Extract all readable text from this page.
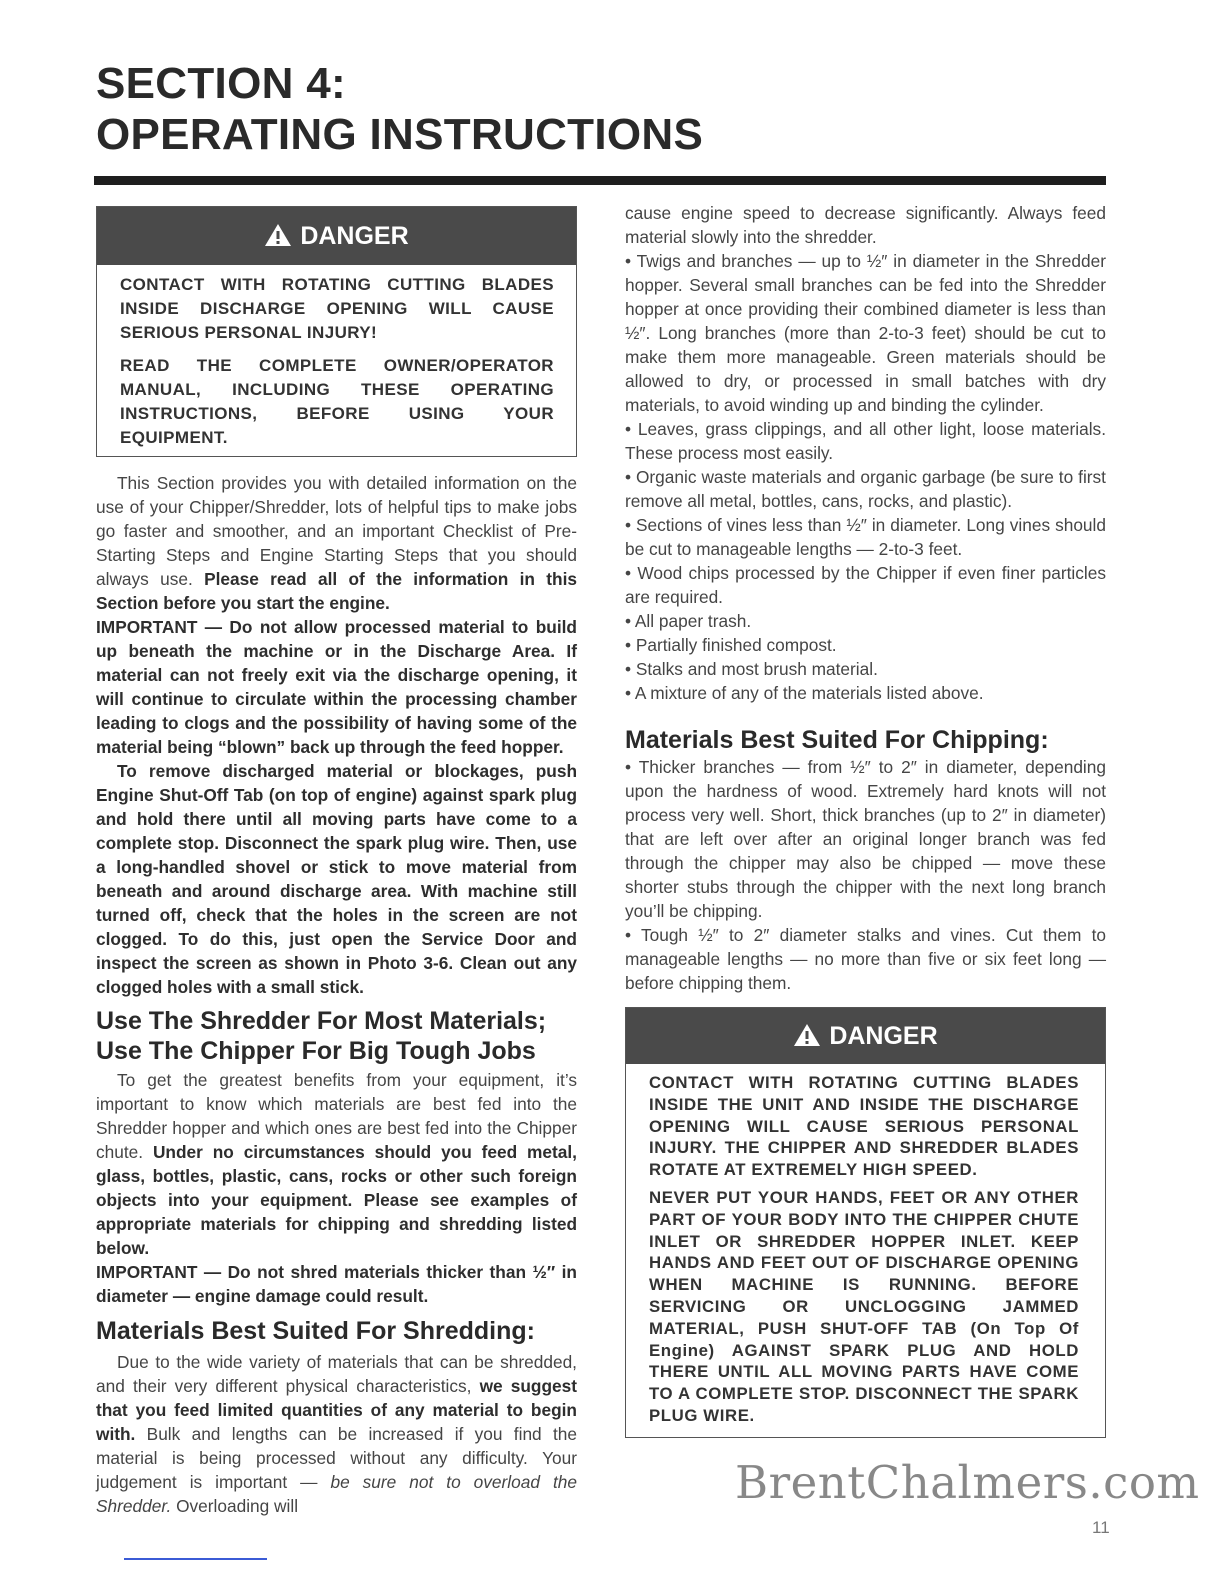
SECTION 4:
OPERATING INSTRUCTIONS
DANGER

CONTACT WITH ROTATING CUTTING BLADES INSIDE DISCHARGE OPENING WILL CAUSE SERIOUS PERSONAL INJURY!

READ THE COMPLETE OWNER/OPERATOR MANUAL, INCLUDING THESE OPERATING INSTRUCTIONS, BEFORE USING YOUR EQUIPMENT.

This Section provides you with detailed information on the use of your Chipper/Shredder, lots of helpful tips to make jobs go faster and smoother, and an important Checklist of Pre-Starting Steps and Engine Starting Steps that you should always use. Please read all of the information in this Section before you start the engine.

IMPORTANT — Do not allow processed material to build up beneath the machine or in the Discharge Area. If material can not freely exit via the discharge opening, it will continue to circulate within the processing chamber leading to clogs and the possibility of having some of the material being “blown” back up through the feed hopper.

To remove discharged material or blockages, push Engine Shut-Off Tab (on top of engine) against spark plug and hold there until all moving parts have come to a complete stop. Disconnect the spark plug wire. Then, use a long-handled shovel or stick to move material from beneath and around discharge area. With machine still turned off, check that the holes in the screen are not clogged. To do this, just open the Service Door and inspect the screen as shown in Photo 3-6. Clean out any clogged holes with a small stick.

Use The Shredder For Most Materials;
Use The Chipper For Big Tough Jobs

To get the greatest benefits from your equipment, it’s important to know which materials are best fed into the Shredder hopper and which ones are best fed into the Chipper chute. Under no circumstances should you feed metal, glass, bottles, plastic, cans, rocks or other such foreign objects into your equipment. Please see examples of appropriate materials for chipping and shredding listed below.

IMPORTANT — Do not shred materials thicker than ½″ in diameter — engine damage could result.

Materials Best Suited For Shredding:

Due to the wide variety of materials that can be shredded, and their very different physical characteristics, we suggest that you feed limited quantities of any material to begin with. Bulk and lengths can be increased if you find the material is being processed without any difficulty. Your judgement is important — be sure not to overload the Shredder. Overloading will

cause engine speed to decrease significantly. Always feed material slowly into the shredder.

• Twigs and branches — up to ½″ in diameter in the Shredder hopper. Several small branches can be fed into the Shredder hopper at once providing their combined diameter is less than ½″. Long branches (more than 2-to-3 feet) should be cut to make them more manageable. Green materials should be allowed to dry, or processed in small batches with dry materials, to avoid winding up and binding the cylinder.

• Leaves, grass clippings, and all other light, loose materials. These process most easily.

• Organic waste materials and organic garbage (be sure to first remove all metal, bottles, cans, rocks, and plastic).

• Sections of vines less than ½″ in diameter. Long vines should be cut to manageable lengths — 2-to-3 feet.

• Wood chips processed by the Chipper if even finer particles are required.

• All paper trash.

• Partially finished compost.

• Stalks and most brush material.

• A mixture of any of the materials listed above.

Materials Best Suited For Chipping:

• Thicker branches — from ½″ to 2″ in diameter, depending upon the hardness of wood. Extremely hard knots will not process very well. Short, thick branches (up to 2″ in diameter) that are left over after an original longer branch was fed through the chipper may also be chipped — move these shorter stubs through the chipper with the next long branch you’ll be chipping.

• Tough ½″ to 2″ diameter stalks and vines. Cut them to manageable lengths — no more than five or six feet long — before chipping them.

DANGER

CONTACT WITH ROTATING CUTTING BLADES INSIDE THE UNIT AND INSIDE THE DISCHARGE OPENING WILL CAUSE SERIOUS PERSONAL INJURY. THE CHIPPER AND SHREDDER BLADES ROTATE AT EXTREMELY HIGH SPEED.

NEVER PUT YOUR HANDS, FEET OR ANY OTHER PART OF YOUR BODY INTO THE CHIPPER CHUTE INLET OR SHREDDER HOPPER INLET. KEEP HANDS AND FEET OUT OF DISCHARGE OPENING WHEN MACHINE IS RUNNING. BEFORE SERVICING OR UNCLOGGING JAMMED MATERIAL, PUSH SHUT-OFF TAB (On Top Of Engine) AGAINST SPARK PLUG AND HOLD THERE UNTIL ALL MOVING PARTS HAVE COME TO A COMPLETE STOP. DISCONNECT THE SPARK PLUG WIRE.

BrentChalmers.com
11
